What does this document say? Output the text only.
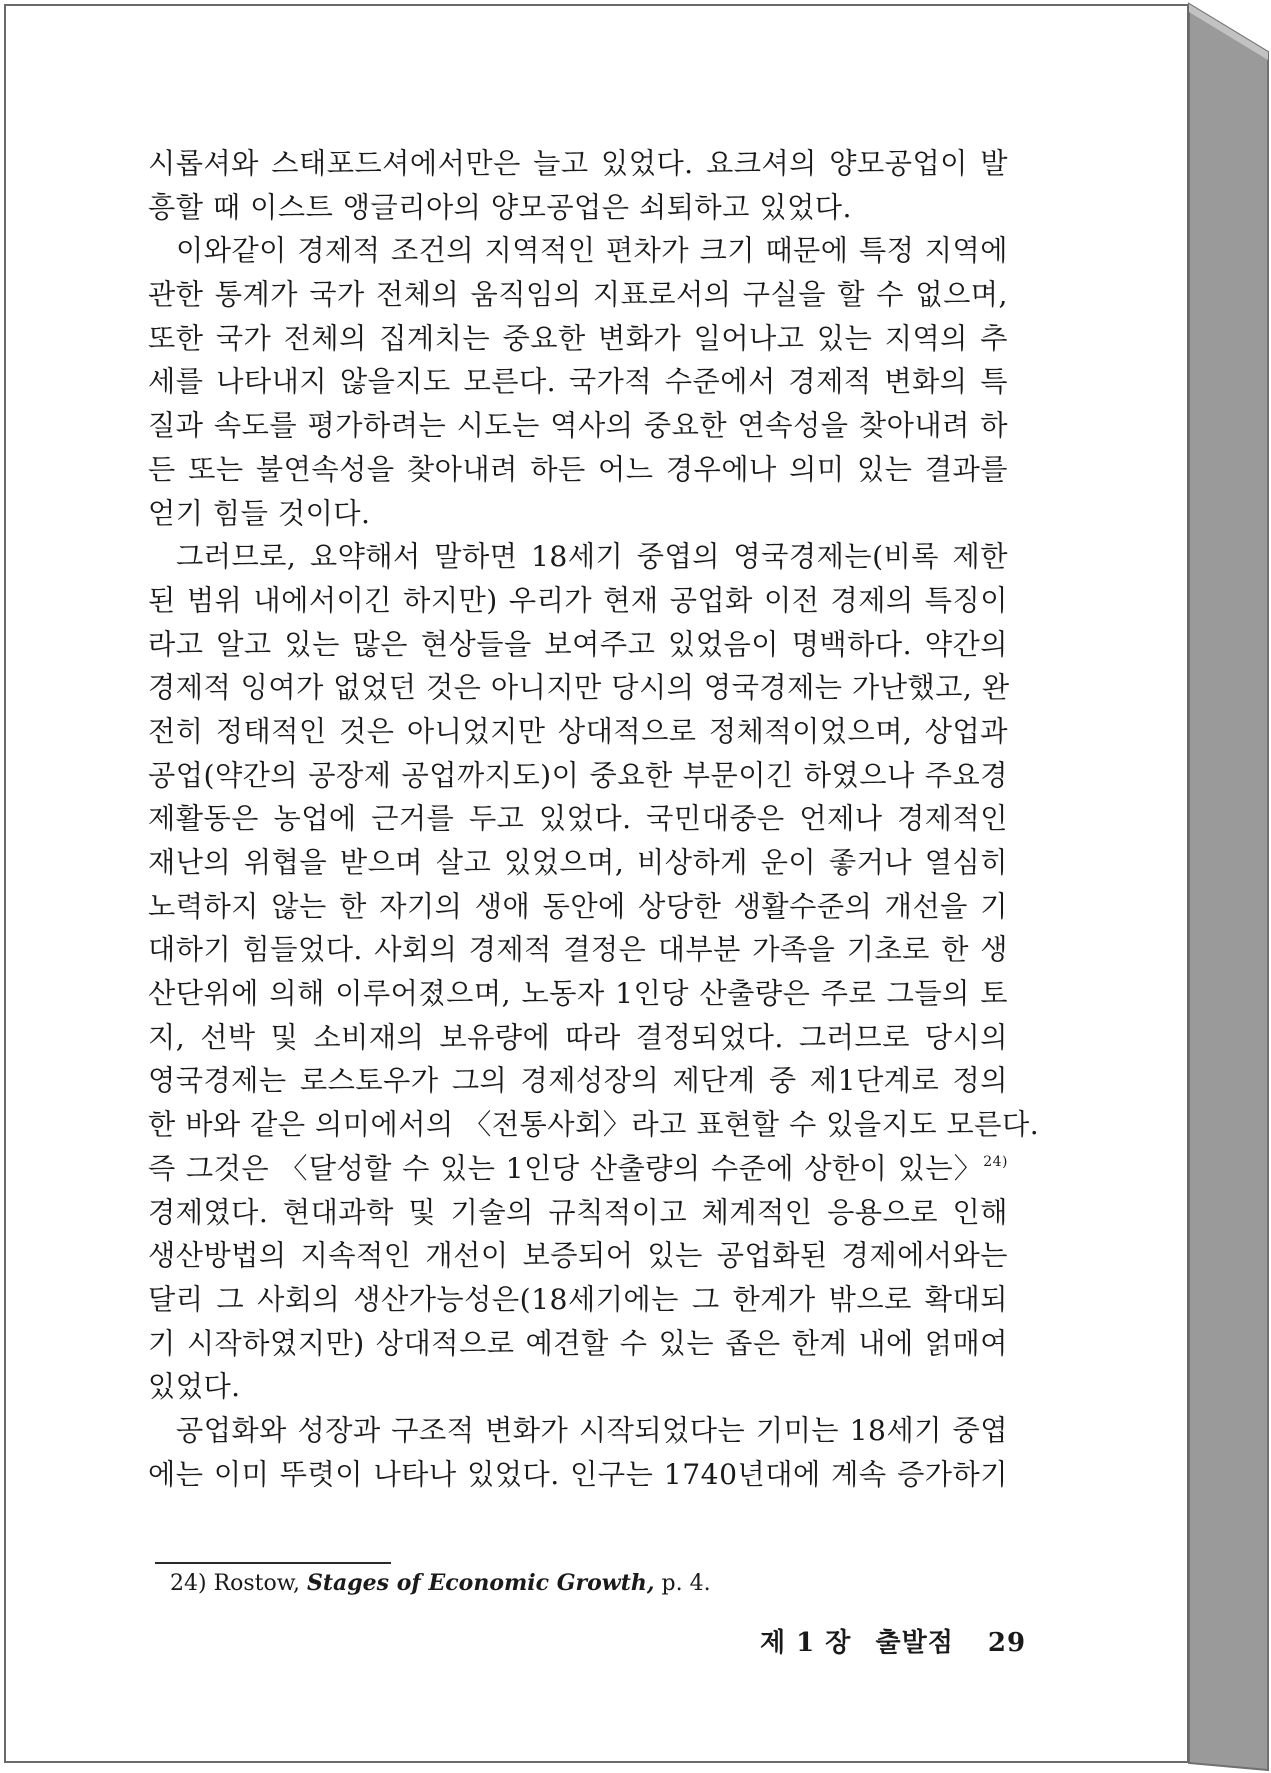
시롭셔와 스태포드셔에서만은 늘고 있었다. 요크셔의 양모공업이 발
흥할 때 이스트 앵글리아의 양모공업은 쇠퇴하고 있었다.
이와같이 경제적 조건의 지역적인 편차가 크기 때문에 특정 지역에
관한 통계가 국가 전체의 움직임의 지표로서의 구실을 할 수 없으며,
또한 국가 전체의 집계치는 중요한 변화가 일어나고 있는 지역의 추
세를 나타내지 않을지도 모른다. 국가적 수준에서 경제적 변화의 특
질과 속도를 평가하려는 시도는 역사의 중요한 연속성을 찾아내려 하
든 또는 불연속성을 찾아내려 하든 어느 경우에나 의미 있는 결과를
얻기 힘들 것이다.
그러므로, 요약해서 말하면 18세기 중엽의 영국경제는(비록 제한
된 범위 내에서이긴 하지만) 우리가 현재 공업화 이전 경제의 특징이
라고 알고 있는 많은 현상들을 보여주고 있었음이 명백하다. 약간의
경제적 잉여가 없었던 것은 아니지만 당시의 영국경제는 가난했고, 완
전히 정태적인 것은 아니었지만 상대적으로 정체적이었으며, 상업과
공업(약간의 공장제 공업까지도)이 중요한 부문이긴 하였으나 주요경
제활동은 농업에 근거를 두고 있었다. 국민대중은 언제나 경제적인
재난의 위협을 받으며 살고 있었으며, 비상하게 운이 좋거나 열심히
노력하지 않는 한 자기의 생애 동안에 상당한 생활수준의 개선을 기
대하기 힘들었다. 사회의 경제적 결정은 대부분 가족을 기초로 한 생
산단위에 의해 이루어졌으며, 노동자 1인당 산출량은 주로 그들의 토
지, 선박 및 소비재의 보유량에 따라 결정되었다. 그러므로 당시의
영국경제는 로스토우가 그의 경제성장의 제단계 중 제1단계로 정의
한 바와 같은 의미에서의 〈전통사회〉라고 표현할 수 있을지도 모른다.
즉 그것은 〈달성할 수 있는 1인당 산출량의 수준에 상한이 있는〉$^{24)}$
경제였다. 현대과학 및 기술의 규칙적이고 체계적인 응용으로 인해
생산방법의 지속적인 개선이 보증되어 있는 공업화된 경제에서와는
달리 그 사회의 생산가능성은(18세기에는 그 한계가 밖으로 확대되
기 시작하였지만) 상대적으로 예견할 수 있는 좁은 한계 내에 얽매여
있었다.
공업화와 성장과 구조적 변화가 시작되었다는 기미는 18세기 중엽
에는 이미 뚜렷이 나타나 있었다. 인구는 1740년대에 계속 증가하기
24) Rostow, Stages of Economic Growth, p. 4.
제 1 장 출발점 29
